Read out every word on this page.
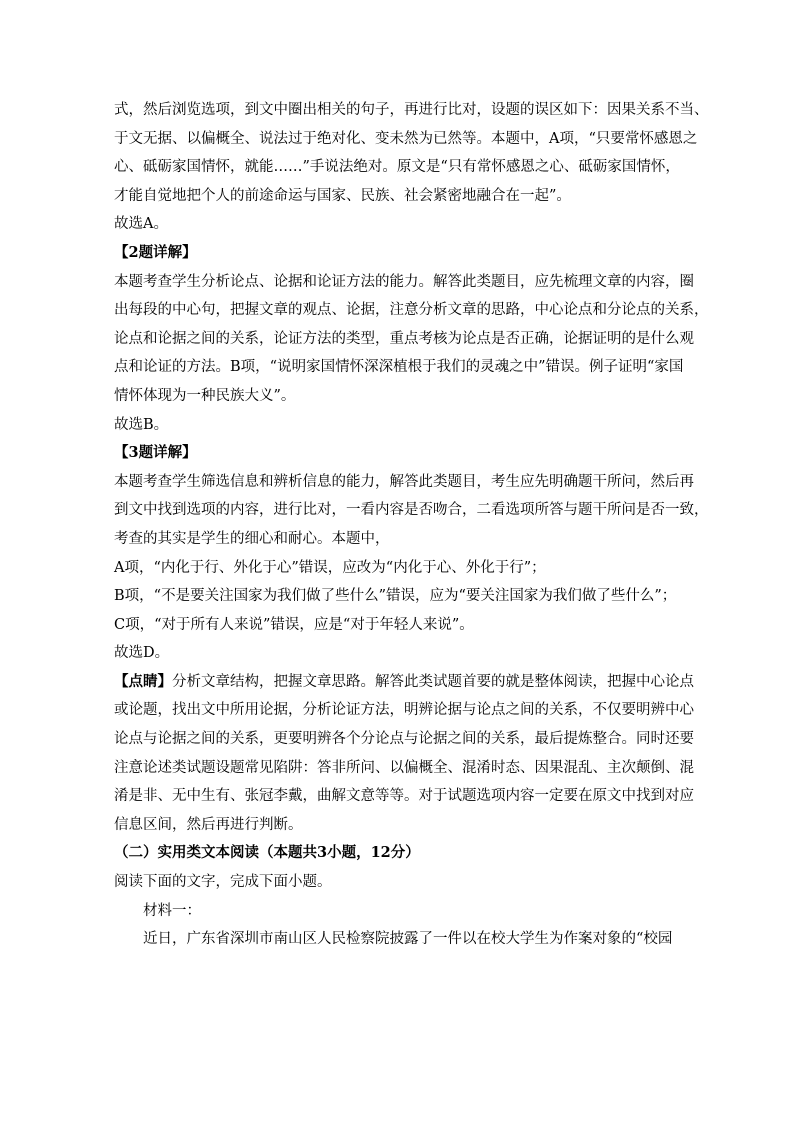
式，然后浏览选项，到文中圈出相关的句子，再进行比对，设题的误区如下：因果关系不当、
于文无据、以偏概全、说法过于绝对化、变未然为已然等。本题中，A项，“只要常怀感恩之
心、砥砺家国情怀，就能……”手说法绝对。原文是“只有常怀感恩之心、砥砺家国情怀，
才能自觉地把个人的前途命运与国家、民族、社会紧密地融合在一起”。
故选A。
【2题详解】
本题考查学生分析论点、论据和论证方法的能力。解答此类题目，应先梳理文章的内容，圈
出每段的中心句，把握文章的观点、论据，注意分析文章的思路，中心论点和分论点的关系，
论点和论据之间的关系，论证方法的类型，重点考核为论点是否正确，论据证明的是什么观
点和论证的方法。B项，“说明家国情怀深深植根于我们的灵魂之中”错误。例子证明“家国
情怀体现为一种民族大义”。
故选B。
【3题详解】
本题考查学生筛选信息和辨析信息的能力，解答此类题目，考生应先明确题干所问，然后再
到文中找到选项的内容，进行比对，一看内容是否吻合，二看选项所答与题干所问是否一致，
考查的其实是学生的细心和耐心。本题中，
A项，“内化于行、外化于心”错误，应改为“内化于心、外化于行”；
B项，“不是要关注国家为我们做了些什么”错误，应为“要关注国家为我们做了些什么”；
C项，“对于所有人来说”错误，应是“对于年轻人来说”。
故选D。
【点睛】分析文章结构，把握文章思路。解答此类试题首要的就是整体阅读，把握中心论点
或论题，找出文中所用论据，分析论证方法，明辨论据与论点之间的关系，不仅要明辨中心
论点与论据之间的关系，更要明辨各个分论点与论据之间的关系，最后提炼整合。同时还要
注意论述类试题设题常见陷阱：答非所问、以偏概全、混淆时态、因果混乱、主次颠倒、混
淆是非、无中生有、张冠李戴，曲解文意等等。对于试题选项内容一定要在原文中找到对应
信息区间，然后再进行判断。
（二）实用类文本阅读（本题共3小题，12分）
阅读下面的文字，完成下面小题。
材料一：
近日，广东省深圳市南山区人民检察院披露了一件以在校大学生为作案对象的“校园
